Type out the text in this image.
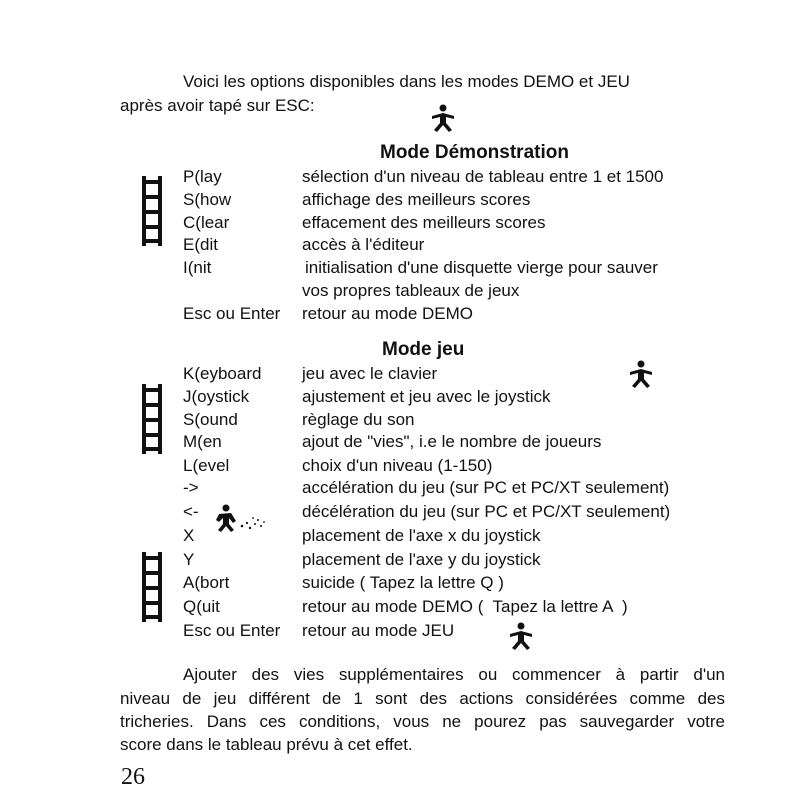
Voici les options disponibles dans les modes DEMO et JEU
après avoir tapé sur ESC:
Mode Démonstration
P(lay	sélection d'un niveau de tableau entre 1 et 1500
S(how	affichage des meilleurs scores
C(lear	effacement des meilleurs scores
E(dit	accès à l'éditeur
I(nit	initialisation d'une disquette vierge pour sauver
vos propres tableaux de jeux
Esc ou Enter retour au mode DEMO
Mode jeu
K(eyboard jeu avec le clavier
J(oystick	ajustement et jeu avec le joystick
S(ound	règlage du son
M(en	ajout de "vies", i.e le nombre de joueurs
L(evel	choix d'un niveau (1-150)
->	accélération du jeu (sur PC et PC/XT seulement)
<-	décélération du jeu (sur PC et PC/XT seulement)
X	placement de l'axe x du joystick
Y	placement de l'axe y du joystick
A(bort	suicide ( Tapez la lettre Q )
Q(uit	retour au mode DEMO (  Tapez la lettre A  )
Esc ou Enter retour au mode JEU
Ajouter des vies supplémentaires ou commencer à partir d'un
niveau de jeu différent de 1 sont des actions considérées comme des
tricheries. Dans ces conditions, vous ne pourez pas sauvegarder votre
score dans le tableau prévu à cet effet.
26
